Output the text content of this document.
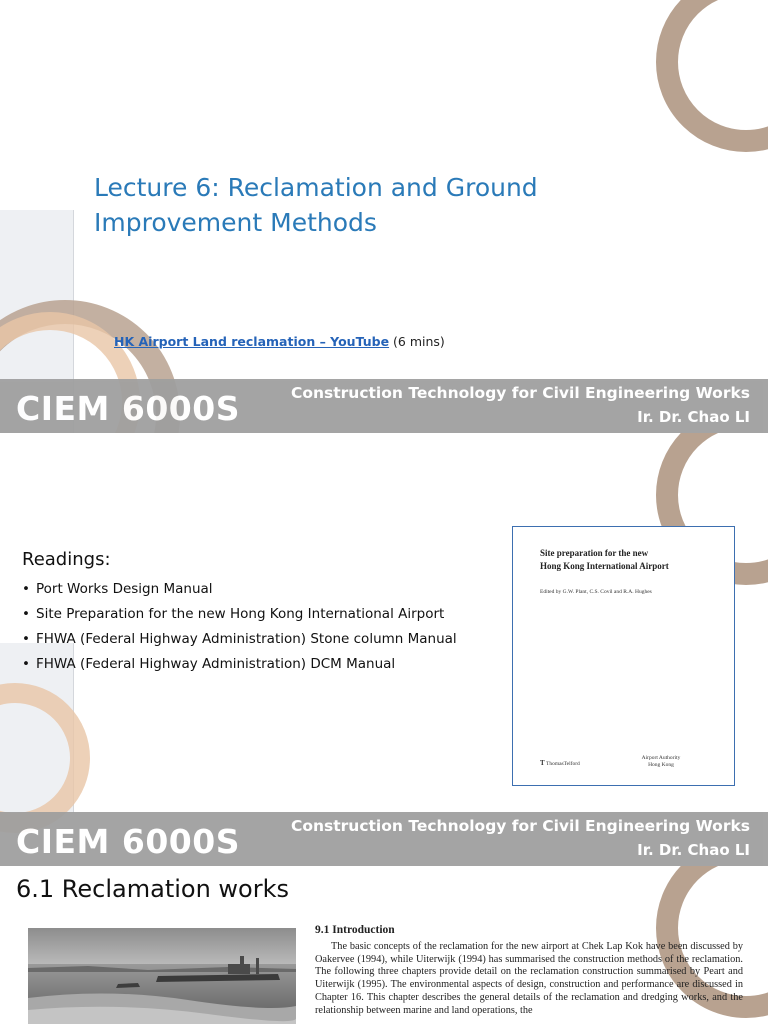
Lecture 6: Reclamation and Ground
Improvement Methods
HK Airport Land reclamation – YouTube (6 mins)
CIEM 6000S	Construction Technology for Civil Engineering Works
Ir. Dr. Chao LI
Readings:
• Port Works Design Manual
• Site Preparation for the new Hong Kong International Airport
• FHWA (Federal Highway Administration) Stone column Manual
• FHWA (Federal Highway Administration) DCM Manual
Site preparation for the new
Hong Kong International Airport
Edited by G.W. Plant, C.S. Covil and R.A. Hughes
T ThomasTelford
Airport Authority
Hong Kong
CIEM 6000S	Construction Technology for Civil Engineering Works
Ir. Dr. Chao LI
6.1 Reclamation works
9.1 Introduction

The basic concepts of the reclamation for the new airport at Chek Lap Kok have been discussed by Oakervee (1994), while Uiterwijk (1994) has summarised the construction methods of the reclamation. The following three chapters provide detail on the reclamation construction summarised by Peart and Uiterwijk (1995). The environmental aspects of design, construction and performance are discussed in Chapter 16. This chapter describes the general details of the reclamation and dredging works, and the relationship between marine and land operations, the
